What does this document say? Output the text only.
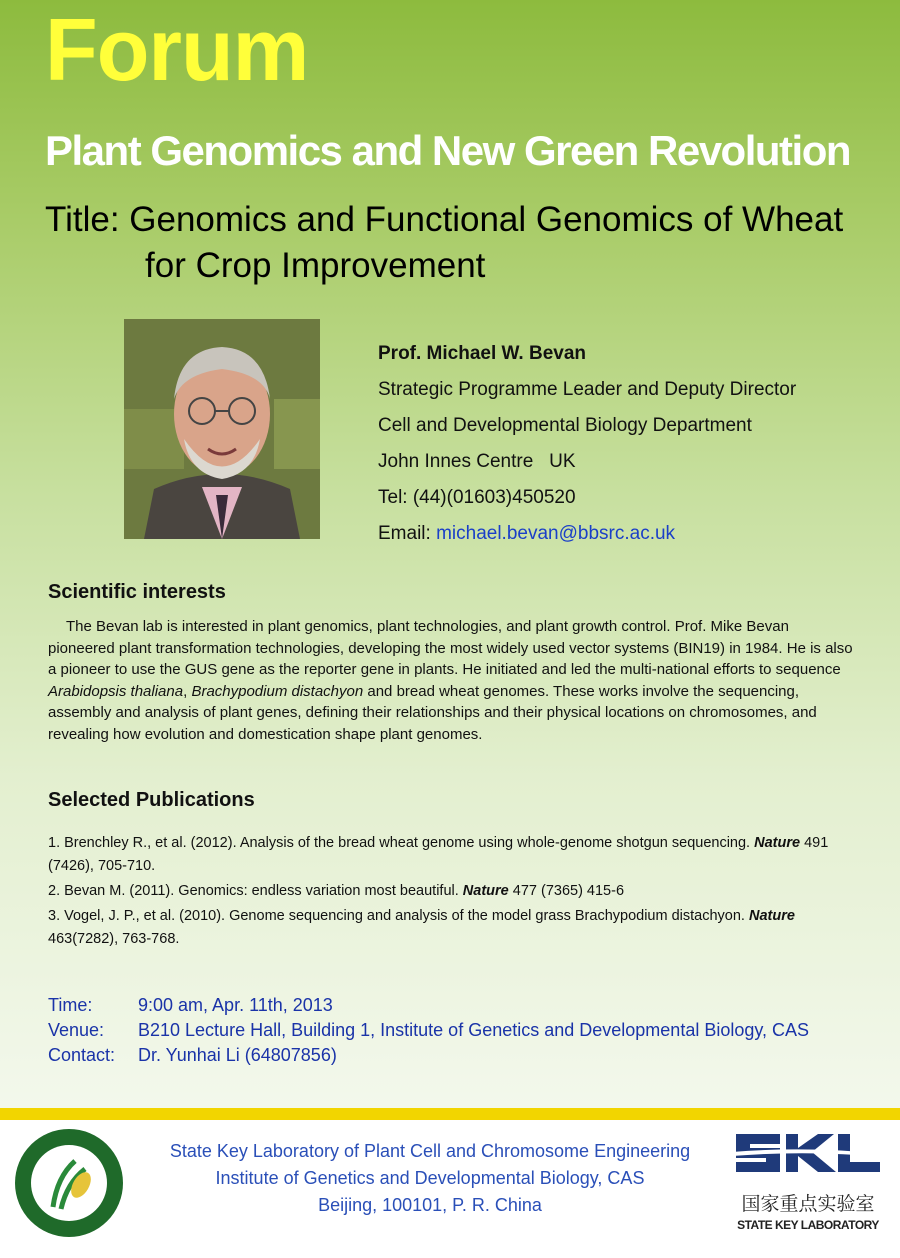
Forum
Plant Genomics and New Green Revolution
Title: Genomics and Functional Genomics of Wheat
for Crop Improvement
Prof. Michael W. Bevan
Strategic Programme Leader and Deputy Director
Cell and Developmental Biology Department
John Innes Centre   UK
Tel: (44)(01603)450520
Email: michael.bevan@bbsrc.ac.uk
Scientific interests
The Bevan lab is interested in plant genomics, plant technologies, and plant growth control. Prof. Mike Bevan pioneered plant transformation technologies, developing the most widely used vector systems (BIN19) in 1984. He is also a pioneer to use the GUS gene as the reporter gene in plants. He initiated and led the multi-national efforts to sequence Arabidopsis thaliana, Brachypodium distachyon and bread wheat genomes. These works involve the sequencing, assembly and analysis of plant genes, defining their relationships and their physical locations on chromosomes, and revealing how evolution and domestication shape plant genomes.
Selected Publications

1. Brenchley R., et al. (2012). Analysis of the bread wheat genome using whole-genome shotgun sequencing. Nature 491 (7426), 705-710.

2. Bevan M. (2011). Genomics: endless variation most beautiful. Nature 477 (7365) 415-6

3. Vogel, J. P., et al. (2010). Genome sequencing and analysis of the model grass Brachypodium distachyon. Nature 463(7282), 763-768.

Time:	9:00 am, Apr. 11th, 2013
Venue:	B210 Lecture Hall, Building 1, Institute of Genetics and Developmental Biology, CAS
Contact:	Dr. Yunhai Li (64807856)
State Key Laboratory of Plant Cell and Chromosome Engineering
Institute of Genetics and Developmental Biology, CAS
Beijing, 100101, P. R. China	国家重点实验室
STATE KEY LABORATORY
